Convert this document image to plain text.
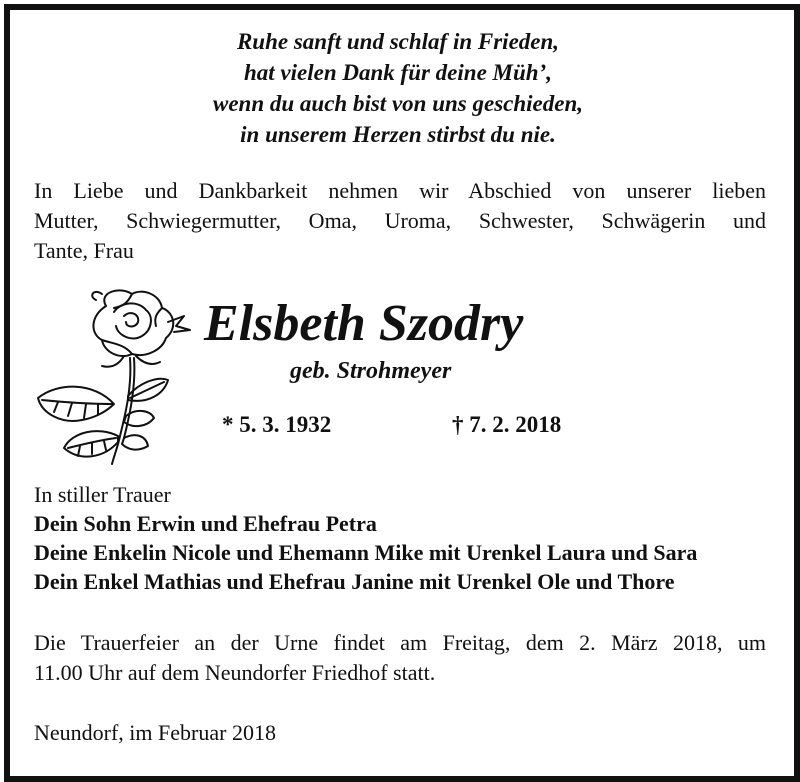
Ruhe sanft und schlaf in Frieden,
hat vielen Dank für deine Müh’,
wenn du auch bist von uns geschieden,
in unserem Herzen stirbst du nie.
In Liebe und Dankbarkeit nehmen wir Abschied von unserer lieben
Mutter, Schwiegermutter, Oma, Uroma, Schwester, Schwägerin und
Tante, Frau
Elsbeth Szodry
geb. Strohmeyer
* 5. 3. 1932	† 7. 2. 2018
In stiller Trauer
Dein Sohn Erwin und Ehefrau Petra
Deine Enkelin Nicole und Ehemann Mike mit Urenkel Laura und Sara
Dein Enkel Mathias und Ehefrau Janine mit Urenkel Ole und Thore
Die Trauerfeier an der Urne findet am Freitag, dem 2. März 2018, um
11.00 Uhr auf dem Neundorfer Friedhof statt.
Neundorf, im Februar 2018
